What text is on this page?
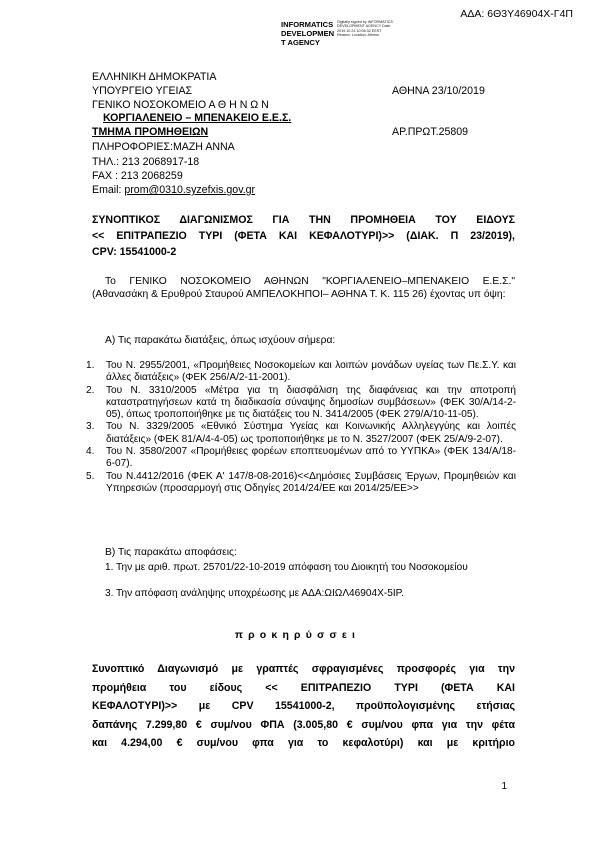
ΑΔΑ: 6Θ3Υ46904Χ-Γ4Π
INFORMATICS
DEVELOPMEN
T AGENCY
Digitally signed by INFORMATICS DEVELOPMENT AGENCY Date: 2019.10.23 10:06:32 EEST Reason: Location: Athens
ΕΛΛΗΝΙΚΗ ΔΗΜΟΚΡΑΤΙΑ
ΥΠΟΥΡΓΕΙΟ ΥΓΕΙΑΣ	ΑΘΗΝΑ 23/10/2019
ΓΕΝΙΚΟ ΝΟΣΟΚΟΜΕΙΟ Α Θ Η Ν Ω Ν
ΚΟΡΓΙΑΛΕΝΕΙΟ – ΜΠΕΝΑΚΕΙΟ Ε.Ε.Σ.
ΤΜΗΜΑ ΠΡΟΜΗΘΕΙΩΝ	ΑΡ.ΠΡΩΤ.25809
ΠΛΗΡΟΦΟΡΙΕΣ:ΜΑΖΗ ΑΝΝΑ
ΤΗΛ.: 213 2068917-18
FAX : 213 2068259
Email: prom@0310.syzefxis.gov.gr
ΣΥΝΟΠΤΙΚΟΣ ΔΙΑΓΩΝΙΣΜΟΣ ΓΙΑ ΤΗΝ ΠΡΟΜΗΘΕΙΑ ΤΟΥ ΕΙΔΟΥΣ
<< ΕΠΙΤΡΑΠΕΖΙΟ ΤΥΡΙ (ΦΕΤΑ ΚΑΙ ΚΕΦΑΛΟΤΥΡΙ)>> (ΔΙΑΚ. Π 23/2019),
CPV: 15541000-2
Το ΓΕΝΙΚΟ ΝΟΣΟΚΟΜΕΙΟ ΑΘΗΝΩΝ "ΚΟΡΓΙΑΛΕΝΕΙΟ–ΜΠΕΝΑΚΕΙΟ Ε.Ε.Σ." (Αθανασάκη & Ερυθρού Σταυρού ΑΜΠΕΛΟΚΗΠΟΙ– ΑΘΗΝΑ Τ. Κ. 115 26) έχοντας υπ όψη:
Α) Τις παρακάτω διατάξεις, όπως ισχύουν σήμερα:
1. Του Ν. 2955/2001, «Προμήθειες Νοσοκομείων και λοιπών μονάδων υγείας των Πε.Σ.Υ. και άλλες διατάξεις» (ΦΕΚ 256/Α/2-11-2001).
2. Του Ν. 3310/2005 «Μέτρα για τη διασφάλιση της διαφάνειας και την αποτροπή καταστρατηγήσεων κατά τη διαδικασία σύναψης δημοσίων συμβάσεων» (ΦΕΚ 30/Α/14-2-05), όπως τροποποιήθηκε με τις διατάξεις του Ν. 3414/2005 (ΦΕΚ 279/Α/10-11-05).
3. Του Ν. 3329/2005 «Εθνικό Σύστημα Υγείας και Κοινωνικής Αλληλεγγύης και λοιπές διατάξεις» (ΦΕΚ 81/Α/4-4-05) ως τροποποιήθηκε με το Ν. 3527/2007 (ΦΕΚ 25/Α/9-2-07).
4. Του Ν. 3580/2007 «Προμήθειες φορέων εποπτευομένων από το ΥΥΠΚΑ» (ΦΕΚ 134/Α/18-6-07).
5. Του Ν.4412/2016 (ΦΕΚ Α' 147/8-08-2016)<<Δημόσιες Συμβάσεις Έργων, Προμηθειών και Υπηρεσιών (προσαρμογή στις Οδηγίες 2014/24/ΕΕ και 2014/25/ΕΕ>>
Β) Τις παρακάτω αποφάσεις:
1. Την με αριθ. πρωτ. 25701/22-10-2019 απόφαση του Διοικητή του Νοσοκομείου
3. Την απόφαση ανάληψης υποχρέωσης με ΑΔΑ:ΩΙΩΛ46904Χ-5ΙΡ.
προκηρύσσει
Συνοπτικό Διαγωνισμό με γραπτές σφραγισμένες προσφορές για την
προμήθεια του είδους << ΕΠΙΤΡΑΠΕΖΙΟ ΤΥΡΙ (ΦΕΤΑ ΚΑΙ
ΚΕΦΑΛΟΤΥΡΙ)>> με CPV 15541000-2, προϋπολογισμένης ετήσιας
δαπάνης 7.299,80 € συμ/νου ΦΠΑ (3.005,80 € συμ/νου φπα για την φέτα
και 4.294,00 € συμ/νου φπα για το κεφαλοτύρι) και με κριτήριο
1
